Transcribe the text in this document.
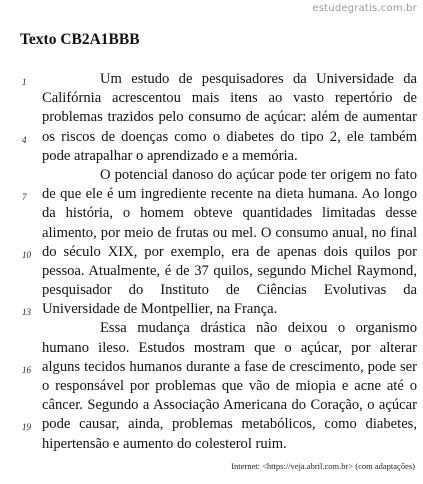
estudegratis.com.br
Texto CB2A1BBB
1	Um estudo de pesquisadores da Universidade da
Califórnia acrescentou mais itens ao vasto repertório de
problemas trazidos pelo consumo de açúcar: além de aumentar
4 os riscos de doenças como o diabetes do tipo 2, ele também
pode atrapalhar o aprendizado e a memória.
O potencial danoso do açúcar pode ter origem no fato
7 de que ele é um ingrediente recente na dieta humana. Ao longo
da história, o homem obteve quantidades limitadas desse
alimento, por meio de frutas ou mel. O consumo anual, no final
10 do século XIX, por exemplo, era de apenas dois quilos por
pessoa. Atualmente, é de 37 quilos, segundo Michel Raymond,
pesquisador do Instituto de Ciências Evolutivas da
13 Universidade de Montpellier, na França.
Essa mudança drástica não deixou o organismo
humano ileso. Estudos mostram que o açúcar, por alterar
16 alguns tecidos humanos durante a fase de crescimento, pode ser
o responsável por problemas que vão de miopia e acne até o
câncer. Segundo a Associação Americana do Coração, o açúcar
19 pode causar, ainda, problemas metabólicos, como diabetes,
hipertensão e aumento do colesterol ruim.
Internet: <https://veja.abril.com.br> (com adaptações)
